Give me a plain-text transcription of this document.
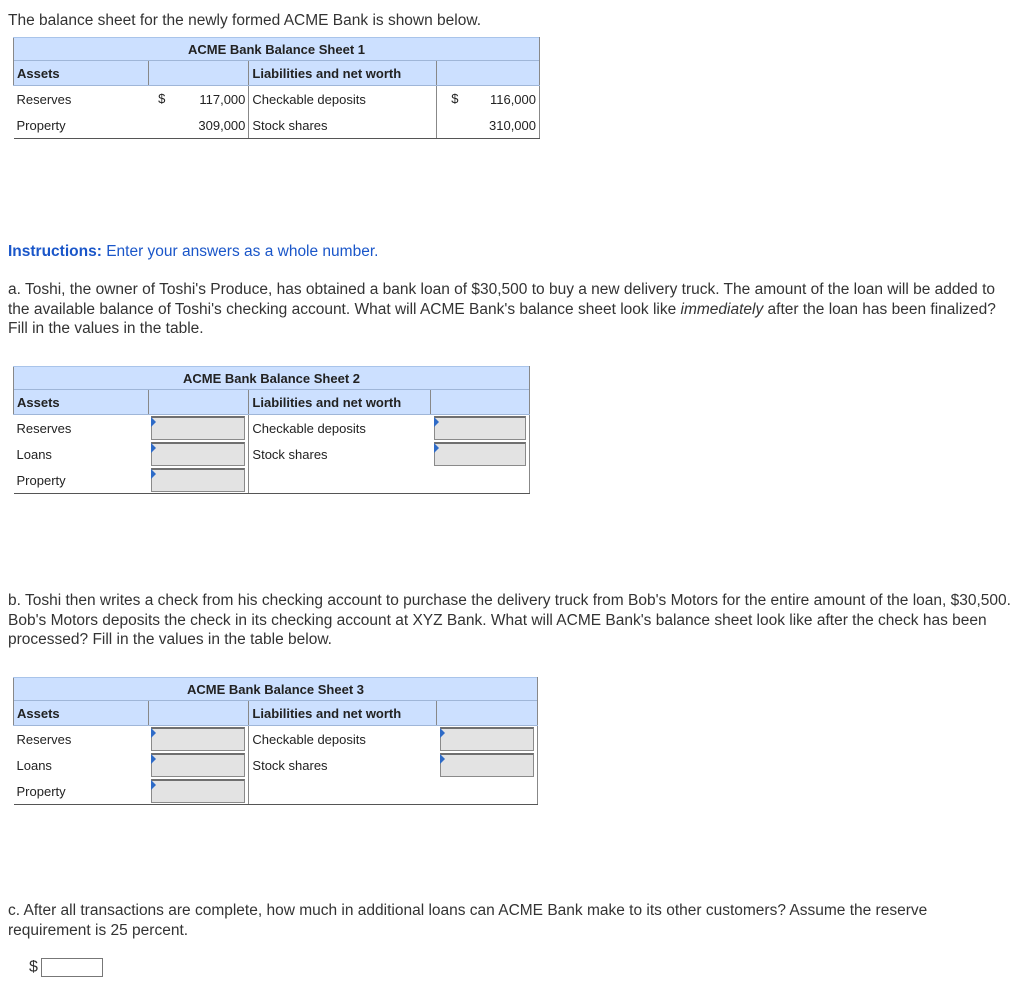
The balance sheet for the newly formed ACME Bank is shown below.
ACME Bank Balance Sheet 1			
Assets		Liabilities and net worth	
Reserves	$ 117,000	Checkable deposits	$ 116,000
Property	309,000	Stock shares	310,000
Instructions: Enter your answers as a whole number.
a. Toshi, the owner of Toshi's Produce, has obtained a bank loan of $30,500 to buy a new delivery truck. The amount of the loan will be added to the available balance of Toshi's checking account. What will ACME Bank's balance sheet look like immediately after the loan has been finalized? Fill in the values in the table.
ACME Bank Balance Sheet 2			
Assets		Liabilities and net worth	
Reserves		Checkable deposits	

Loans		Stock shares	

Property	

b. Toshi then writes a check from his checking account to purchase the delivery truck from Bob's Motors for the entire amount of the loan, $30,500. Bob's Motors deposits the check in its checking account at XYZ Bank. What will ACME Bank's balance sheet look like after the check has been processed? Fill in the values in the table below.
ACME Bank Balance Sheet 3			
Assets		Liabilities and net worth	
Reserves		Checkable deposits	

Loans		Stock shares	

Property	

c. After all transactions are complete, how much in additional loans can ACME Bank make to its other customers? Assume the reserve requirement is 25 percent.
$
